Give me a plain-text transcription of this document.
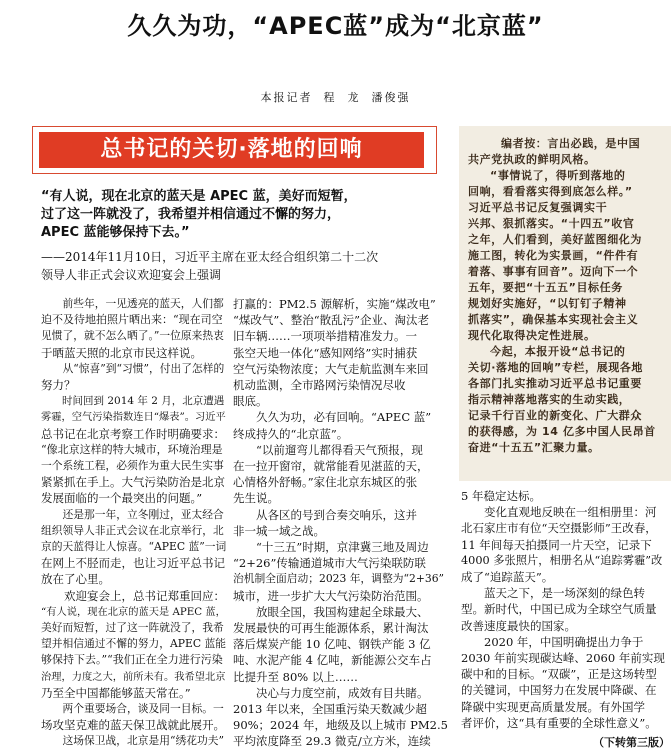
久久为功，“APEC蓝”成为“北京蓝”
本报记者  程  龙  潘俊强
总书记的关切·落地的回响

“有人说，现在北京的蓝天是 APEC 蓝，美好而短暂，

过了这一阵就没了，我希望并相信通过不懈的努力，

APEC 蓝能够保持下去。”

——2014年11月10日，习近平主席在亚太经合组织第二十二次

领导人非正式会议欢迎宴会上强调

前些年，一见透亮的蓝天，人们都

迫不及待地拍照片晒出来：“现在司空

见惯了，就不怎么晒了。”一位原来热衷

于晒蓝天照的北京市民这样说。

从“惊喜”到“习惯”，付出了怎样的

努力？

时间回到 2014 年 2 月，北京遭遇

雾霾，空气污染指数连日“爆表”。习近平

总书记在北京考察工作时明确要求：

“像北京这样的特大城市，环境治理是

一个系统工程，必须作为重大民生实事

紧紧抓在手上。大气污染防治是北京

发展面临的一个最突出的问题。”

还是那一年，立冬刚过，亚太经合

组织领导人非正式会议在北京举行，北

京的天蓝得让人惊喜。“APEC 蓝”一词

在网上不胫而走，也让习近平总书记

放在了心里。

欢迎宴会上，总书记郑重回应：

“有人说，现在北京的蓝天是 APEC 蓝，

美好而短暂，过了这一阵就没了，我希

望并相信通过不懈的努力，APEC 蓝能

够保持下去。”“我们正在全力进行污染

治理，力度之大，前所未有。我希望北京

乃至全中国都能够蓝天常在。”

两个重要场合，谈及同一目标。一

场攻坚克难的蓝天保卫战就此展开。

这场保卫战，北京是用“绣花功夫”

打赢的：PM2.5 源解析，实施“煤改电”

“煤改气”、整治“散乱污”企业、淘汰老

旧车辆……一项项举措精准发力。一

张空天地一体化“感知网络”实时捕获

空气污染物浓度；大气走航监测车来回

机动监测，全市路网污染情况尽收

眼底。

久久为功，必有回响。“APEC 蓝”

终成持久的“北京蓝”。

“以前遛弯儿都得看天气预报，现

在一拉开窗帘，就常能看见湛蓝的天，

心情格外舒畅。”家住北京东城区的张

先生说。

从各区的号到合奏交响乐，这并

非一城一域之战。

“十三五”时期，京津冀三地及周边

“2+26”传输通道城市大气污染联防联

治机制全面启动；2023 年，调整为“2+36”

城市，进一步扩大大气污染防治范围。

放眼全国，我国构建起全球最大、

发展最快的可再生能源体系，累计淘汰

落后煤炭产能 10 亿吨、钢铁产能 3 亿

吨、水泥产能 4 亿吨，新能源公交车占

比提升至 80% 以上……

决心与力度空前，成效有目共睹。

2013 年以来，全国重污染天数减少超

90%；2024 年，地级及以上城市 PM2.5

平均浓度降至 29.3 微克/立方米，连续

编者按：言出必践，是中国

共产党执政的鲜明风格。

“事情说了，得听到落地的

回响，看看落实得到底怎么样。”

习近平总书记反复强调实干

兴邦、狠抓落实。“十四五”收官

之年，人们看到，美好蓝图细化为

施工图，转化为实景画，“件件有

着落、事事有回音”。迈向下一个

五年，要把“十五五”目标任务

规划好实施好，“以钉钉子精神

抓落实”，确保基本实现社会主义

现代化取得决定性进展。

今起，本报开设“总书记的

关切·落地的回响”专栏，展现各地

各部门扎实推动习近平总书记重要

指示精神落地落实的生动实践，

记录千行百业的新变化、广大群众

的获得感，为 14 亿多中国人民昂首

奋进“十五五”汇聚力量。

5 年稳定达标。

变化直观地反映在一组相册里：河

北石家庄市有位“天空摄影师”王改春，

11 年间每天拍摄同一片天空，记录下

4000 多张照片，相册名从“追踪雾霾”改

成了“追踪蓝天”。

蓝天之下，是一场深刻的绿色转

型。新时代，中国已成为全球空气质量

改善速度最快的国家。

2020 年，中国明确提出力争于

2030 年前实现碳达峰、2060 年前实现

碳中和的目标。“双碳”，正是这场转型

的关键词，中国努力在发展中降碳、在

降碳中实现更高质量发展。有外国学

者评价，这“具有重要的全球性意义”。

（下转第三版）
